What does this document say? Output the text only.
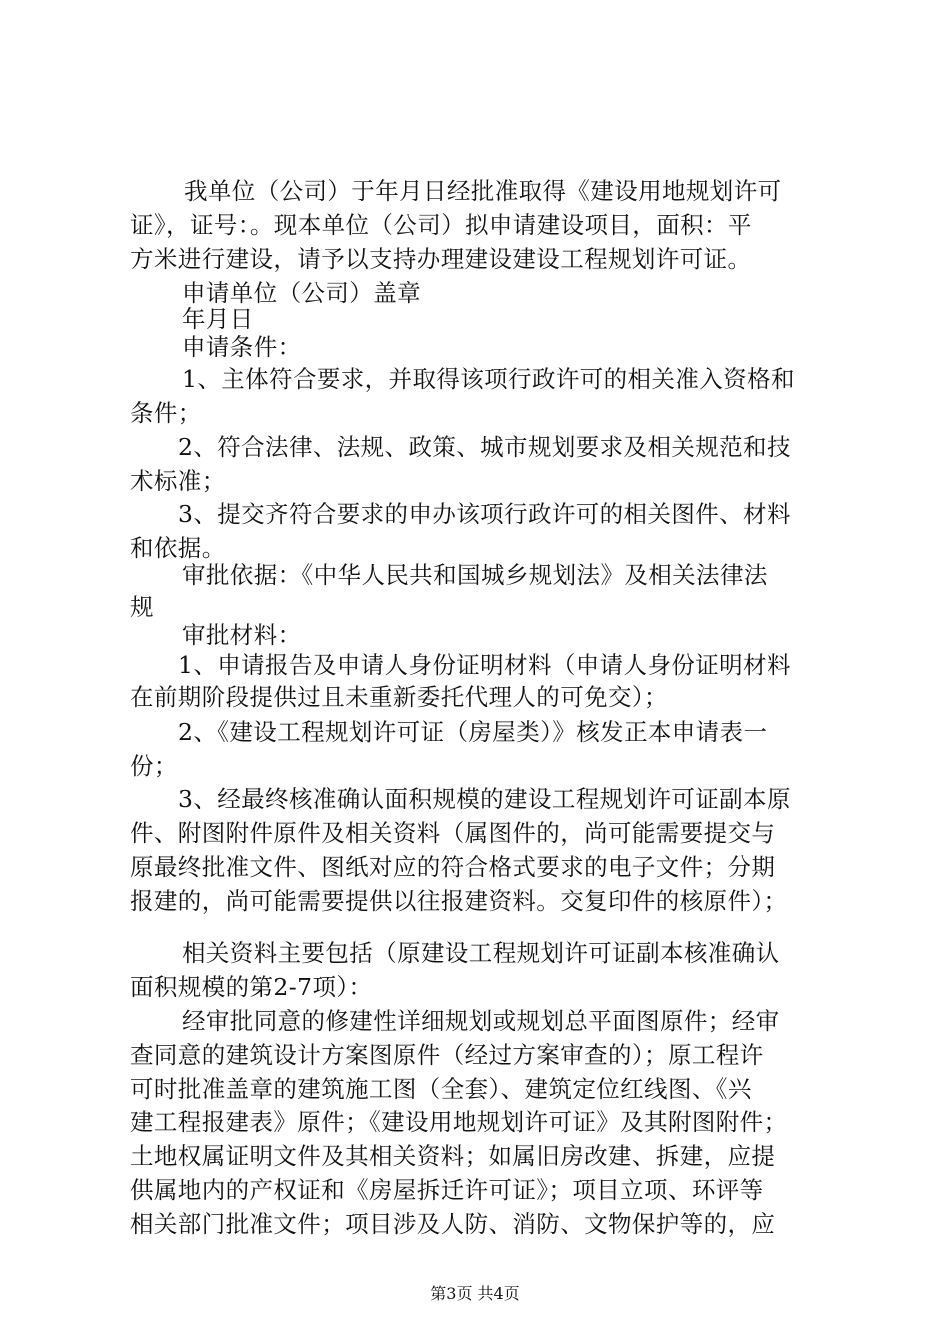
我单位（公司）于年月日经批准取得《建设用地规划许可
证》，证号：。现本单位（公司）拟申请建设项目，面积：平
方米进行建设，请予以支持办理建设建设工程规划许可证。
申请单位（公司）盖章
年月日
申请条件：
1、主体符合要求，并取得该项行政许可的相关准入资格和
条件；
2、符合法律、法规、政策、城市规划要求及相关规范和技
术标准；
3、提交齐符合要求的申办该项行政许可的相关图件、材料
和依据。
审批依据：《中华人民共和国城乡规划法》及相关法律法
规
审批材料：
1、申请报告及申请人身份证明材料（申请人身份证明材料
在前期阶段提供过且未重新委托代理人的可免交）；
2、《建设工程规划许可证（房屋类）》核发正本申请表一
份；
3、经最终核准确认面积规模的建设工程规划许可证副本原
件、附图附件原件及相关资料（属图件的，尚可能需要提交与
原最终批准文件、图纸对应的符合格式要求的电子文件；分期
报建的，尚可能需要提供以往报建资料。交复印件的核原件）；
相关资料主要包括（原建设工程规划许可证副本核准确认
面积规模的第2-7项）：
经审批同意的修建性详细规划或规划总平面图原件；经审
查同意的建筑设计方案图原件（经过方案审查的）；原工程许
可时批准盖章的建筑施工图（全套）、建筑定位红线图、《兴
建工程报建表》原件；《建设用地规划许可证》及其附图附件；
土地权属证明文件及其相关资料；如属旧房改建、拆建，应提
供属地内的产权证和《房屋拆迁许可证》；项目立项、环评等
相关部门批准文件；项目涉及人防、消防、文物保护等的，应
第3页 共4页
